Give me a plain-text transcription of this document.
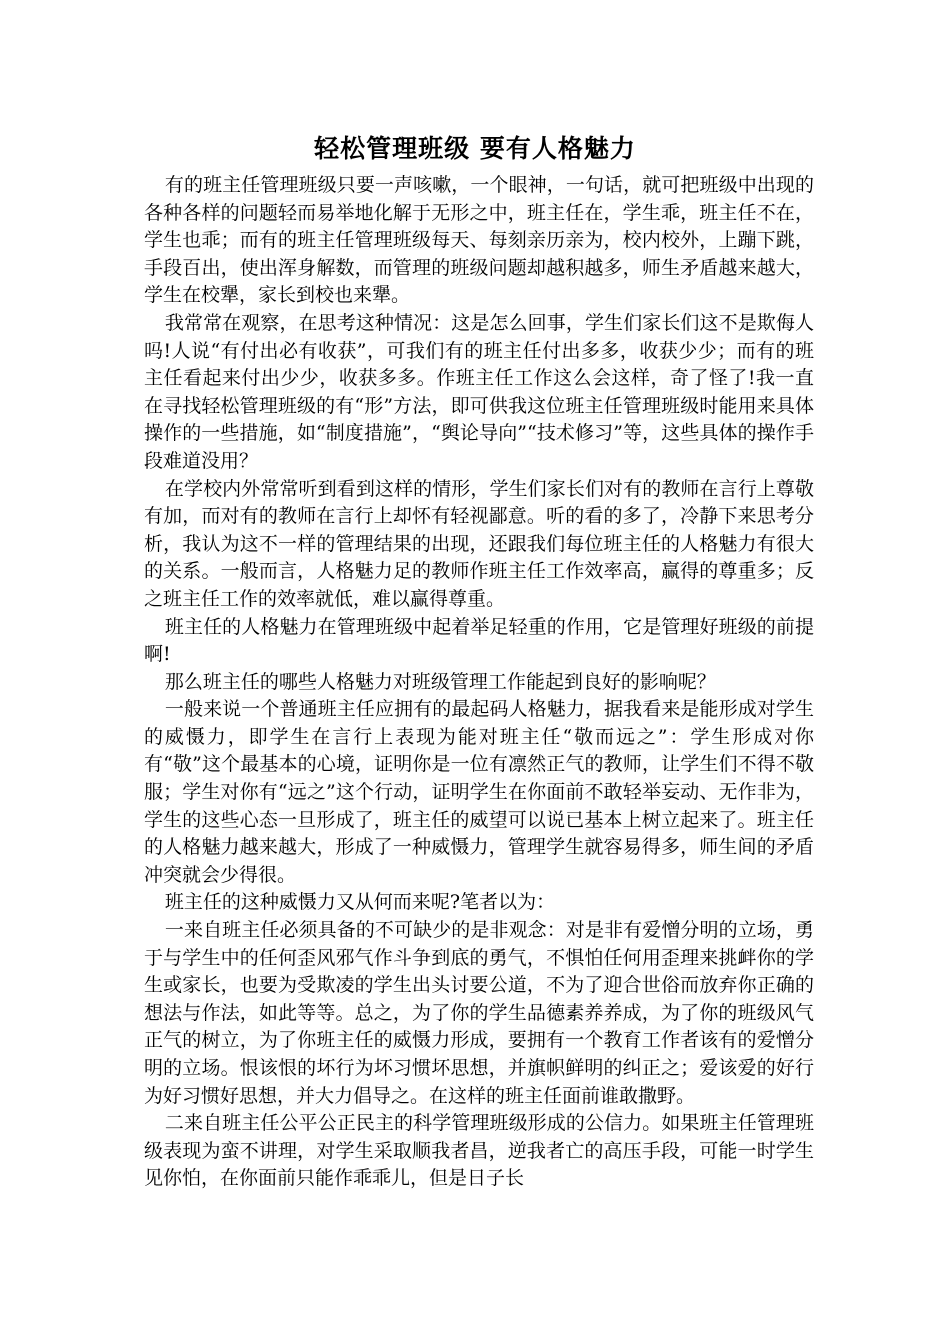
轻松管理班级 要有人格魅力

有的班主任管理班级只要一声咳嗽，一个眼神，一句话，就可把班级中出现的各种各样的问题轻而易举地化解于无形之中，班主任在，学生乖，班主任不在，学生也乖；而有的班主任管理班级每天、每刻亲历亲为，校内校外，上蹦下跳，手段百出，使出浑身解数，而管理的班级问题却越积越多，师生矛盾越来越大，学生在校犟，家长到校也来犟。

我常常在观察，在思考这种情况：这是怎么回事，学生们家长们这不是欺侮人吗!人说“有付出必有收获”，可我们有的班主任付出多多，收获少少；而有的班主任看起来付出少少，收获多多。作班主任工作这么会这样，奇了怪了!我一直在寻找轻松管理班级的有“形”方法，即可供我这位班主任管理班级时能用来具体操作的一些措施，如“制度措施”，“舆论导向”“技术修习”等，这些具体的操作手段难道没用？

在学校内外常常听到看到这样的情形，学生们家长们对有的教师在言行上尊敬有加，而对有的教师在言行上却怀有轻视鄙意。听的看的多了，冷静下来思考分析，我认为这不一样的管理结果的出现，还跟我们每位班主任的人格魅力有很大的关系。一般而言，人格魅力足的教师作班主任工作效率高，赢得的尊重多；反之班主任工作的效率就低，难以赢得尊重。

班主任的人格魅力在管理班级中起着举足轻重的作用，它是管理好班级的前提啊!

那么班主任的哪些人格魅力对班级管理工作能起到良好的影响呢？

一般来说一个普通班主任应拥有的最起码人格魅力，据我看来是能形成对学生的威慑力，即学生在言行上表现为能对班主任“敬而远之”：学生形成对你有“敬”这个最基本的心境，证明你是一位有凛然正气的教师，让学生们不得不敬服；学生对你有“远之”这个行动，证明学生在你面前不敢轻举妄动、无作非为，学生的这些心态一旦形成了，班主任的威望可以说已基本上树立起来了。班主任的人格魅力越来越大，形成了一种威慑力，管理学生就容易得多，师生间的矛盾冲突就会少得很。

班主任的这种威慑力又从何而来呢?笔者以为：

一来自班主任必须具备的不可缺少的是非观念：对是非有爱憎分明的立场，勇于与学生中的任何歪风邪气作斗争到底的勇气，不惧怕任何用歪理来挑衅你的学生或家长，也要为受欺凌的学生出头讨要公道，不为了迎合世俗而放弃你正确的想法与作法，如此等等。总之，为了你的学生品德素养养成，为了你的班级风气正气的树立，为了你班主任的威慑力形成，要拥有一个教育工作者该有的爱憎分明的立场。恨该恨的坏行为坏习惯坏思想，并旗帜鲜明的纠正之；爱该爱的好行为好习惯好思想，并大力倡导之。在这样的班主任面前谁敢撒野。

二来自班主任公平公正民主的科学管理班级形成的公信力。如果班主任管理班级表现为蛮不讲理，对学生采取顺我者昌，逆我者亡的高压手段，可能一时学生见你怕，在你面前只能作乖乖儿，但是日子长
